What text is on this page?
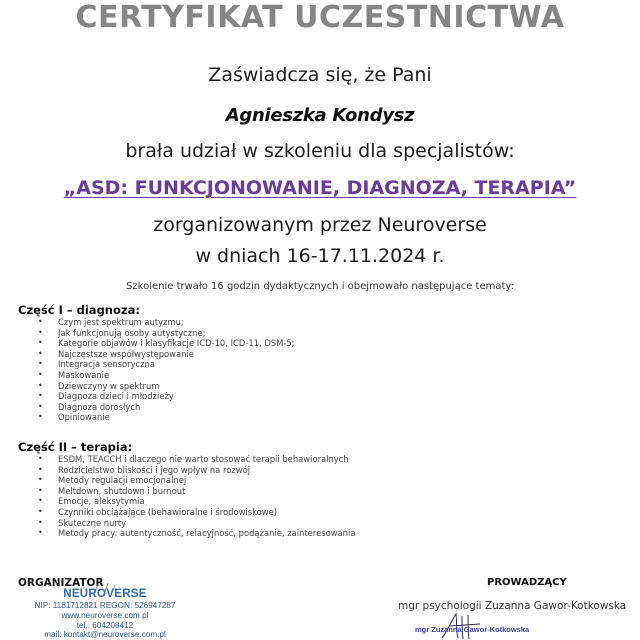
CERTYFIKAT UCZESTNICTWA
Zaświadcza się, że Pani
Agnieszka Kondysz
brała udział w szkoleniu dla specjalistów:
„ASD: FUNKCJONOWANIE, DIAGNOZA, TERAPIA”
zorganizowanym przez Neuroverse
w dniach 16-17.11.2024 r.
Szkolenie trwało 16 godzin dydaktycznych i obejmowało następujące tematy:
Część I – diagnoza:
• Czym jest spektrum autyzmu;
• Jak funkcjonują osoby autystyczne;
• Kategorie objawów i klasyfikacje ICD-10, ICD-11, DSM-5;
• Najczęstsze współwystępowanie
• Integracja sensoryczna
• Maskowanie
• Dziewczyny w spektrum
• Diagnoza dzieci i młodzieży
• Diagnoza dorosłych
• Opiniowanie
Część II – terapia:
• ESDM, TEACCH i dlaczego nie warto stosować terapii behawioralnych
• Rodzicielstwo bliskości i jego wpływ na rozwój
• Metody regulacji emocjonalnej
• Meltdown, shutdown i burnout
• Emocje, aleksytymia
• Czynniki obciążające (behawioralne i środowiskowe)
• Skuteczne nurty
• Metody pracy: autentyczność, relacyjność, podążanie, zainteresowania
ORGANIZATOR
NEUROVERSE
NIP: 1181712821 REGON: 526947287
www.neuroverse.com.pl
tel.: 604208412
mail: kontakt@neuroverse.com.pl
PROWADZĄCY
mgr psychologii Zuzanna Gawor-Kotkowska
mgr Zuzanna Gawor-Kotkowska
